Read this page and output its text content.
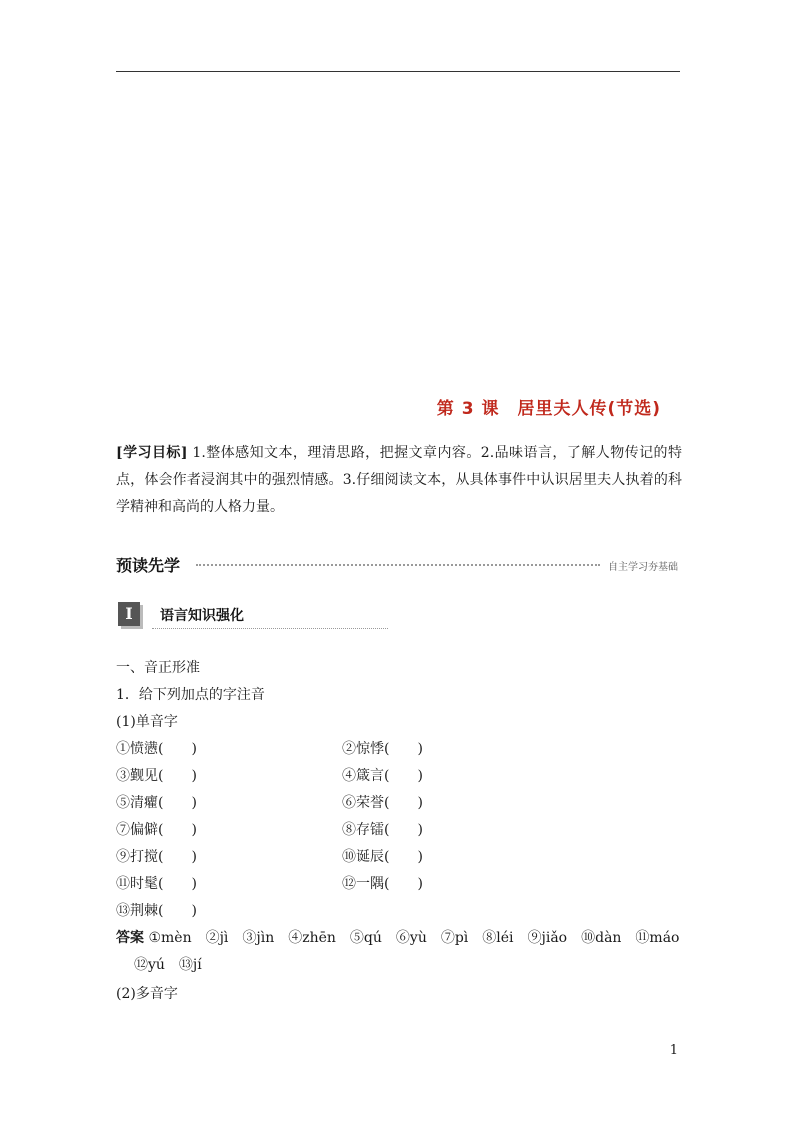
第 3 课　居里夫人传(节选)
[学习目标] 1.整体感知文本，理清思路，把握文章内容。2.品味语言，了解人物传记的特点，体会作者浸润其中的强烈情感。3.仔细阅读文本，从具体事件中认识居里夫人执着的科学精神和高尚的人格力量。
预读先学	自主学习夯基础
I	语言知识强化
一、音正形准
1．给下列加点的字注音
(1)单音字
①愤懑(　　)	②惊悸(　　)
③觐见(　　)	④箴言(　　)
⑤清癯(　　)	⑥荣誉(　　)
⑦偏僻(　　)	⑧存镭(　　)
⑨打搅(　　)	⑩诞辰(　　)
⑪时髦(　　)	⑫一隅(　　)
⑬荆棘(　　)
答案 ①mèn　②jì　③jìn　④zhēn　⑤qú　⑥yù　⑦pì　⑧léi　⑨jiǎo　⑩dàn　⑪máo
⑫yú　⑬jí
(2)多音字
1
